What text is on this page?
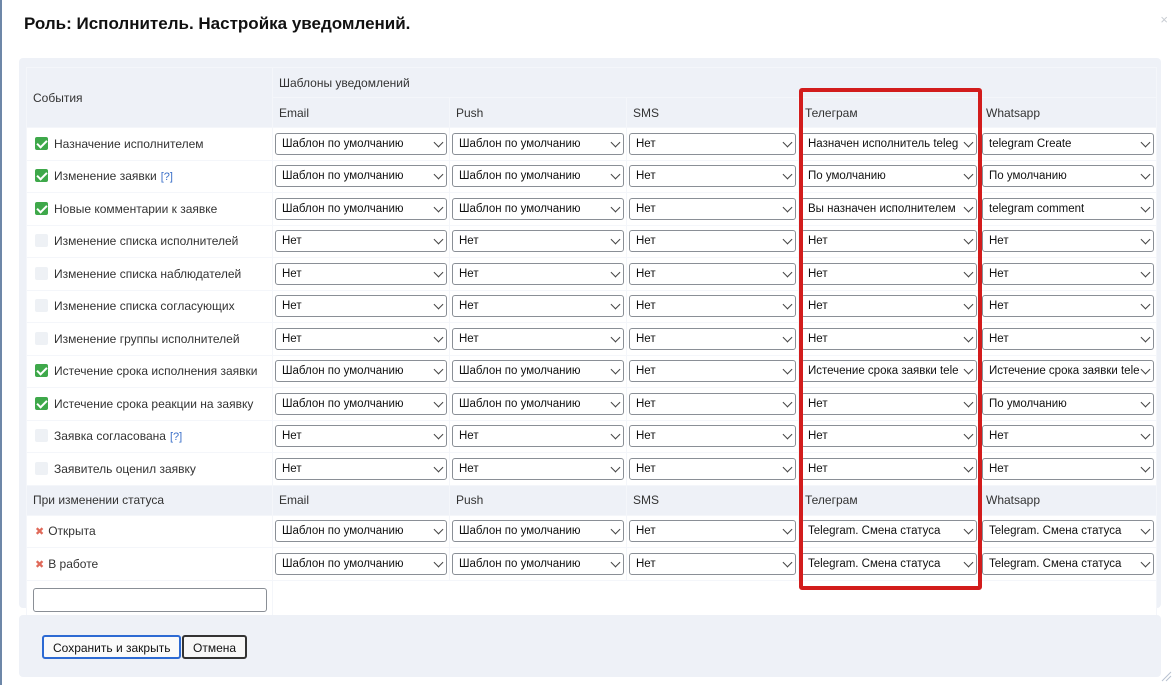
Роль: Исполнитель. Настройка уведомлений.	×
События	Шаблоны уведомлений				
	Email	Push	SMS	Телеграм	Whatsapp
Назначение исполнителем	Шаблон по умолчанию	Шаблон по умолчанию	Нет	Назначен исполнитель teleg	telegram Create

Изменение заявки [?]	Шаблон по умолчанию	Шаблон по умолчанию	Нет	По умолчанию	По умолчанию

Новые комментарии к заявке	Шаблон по умолчанию	Шаблон по умолчанию	Нет	Вы назначен исполнителем	telegram comment

Изменение списка исполнителей	Нет	Нет	Нет	Нет	Нет

Изменение списка наблюдателей	Нет	Нет	Нет	Нет	Нет

Изменение списка согласующих	Нет	Нет	Нет	Нет	Нет

Изменение группы исполнителей	Нет	Нет	Нет	Нет	Нет

Истечение срока исполнения заявки	Шаблон по умолчанию	Шаблон по умолчанию	Нет	Истечение срока заявки tele	Истечение срока заявки tele

Истечение срока реакции на заявку	Шаблон по умолчанию	Шаблон по умолчанию	Нет	Нет	По умолчанию

Заявка согласована [?]	Нет	Нет	Нет	Нет	Нет

Заявитель оценил заявку	Нет	Нет	Нет	Нет	Нет

При изменении статуса	Email	Push	SMS	Телеграм	Whatsapp
✖ Открыта	Шаблон по умолчанию	Шаблон по умолчанию	Нет	Telegram. Смена статуса	Telegram. Смена статуса

✖ В работе	Шаблон по умолчанию	Шаблон по умолчанию	Нет	Telegram. Смена статуса	Telegram. Смена статуса

Сохранить и закрыть	Отмена
